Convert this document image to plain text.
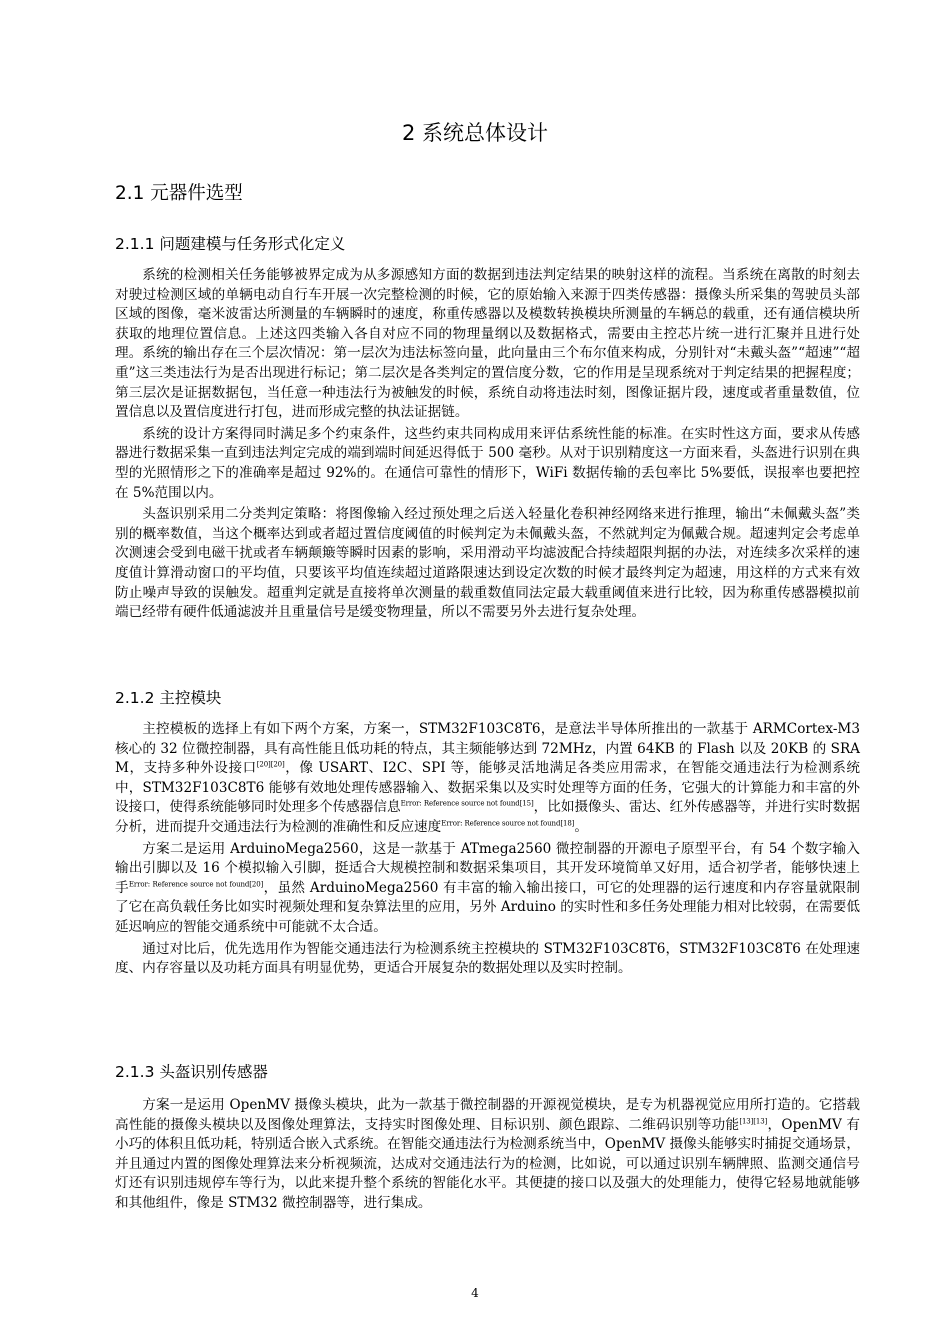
2 系统总体设计
2.1 元器件选型
2.1.1 问题建模与任务形式化定义

系统的检测相关任务能够被界定成为从多源感知方面的数据到违法判定结果的映射这样的流程。当系统在离散的时刻去对驶过检测区域的单辆电动自行车开展一次完整检测的时候，它的原始输入来源于四类传感器：摄像头所采集的驾驶员头部区域的图像，毫米波雷达所测量的车辆瞬时的速度，称重传感器以及模数转换模块所测量的车辆总的载重，还有通信模块所获取的地理位置信息。上述这四类输入各自对应不同的物理量纲以及数据格式，需要由主控芯片统一进行汇聚并且进行处理。系统的输出存在三个层次情况：第一层次为违法标签向量，此向量由三个布尔值来构成，分别针对“未戴头盔”“超速”“超重”这三类违法行为是否出现进行标记；第二层次是各类判定的置信度分数，它的作用是呈现系统对于判定结果的把握程度；第三层次是证据数据包，当任意一种违法行为被触发的时候，系统自动将违法时刻，图像证据片段，速度或者重量数值，位置信息以及置信度进行打包，进而形成完整的执法证据链。

系统的设计方案得同时满足多个约束条件，这些约束共同构成用来评估系统性能的标准。在实时性这方面，要求从传感器进行数据采集一直到违法判定完成的端到端时间延迟得低于 500 毫秒。从对于识别精度这一方面来看，头盔进行识别在典型的光照情形之下的准确率是超过 92%的。在通信可靠性的情形下，WiFi 数据传输的丢包率比 5%要低，误报率也要把控在 5%范围以内。

头盔识别采用二分类判定策略：将图像输入经过预处理之后送入轻量化卷积神经网络来进行推理，输出“未佩戴头盔”类别的概率数值，当这个概率达到或者超过置信度阈值的时候判定为未佩戴头盔，不然就判定为佩戴合规。超速判定会考虑单次测速会受到电磁干扰或者车辆颠簸等瞬时因素的影响，采用滑动平均滤波配合持续超限判据的办法，对连续多次采样的速度值计算滑动窗口的平均值，只要该平均值连续超过道路限速达到设定次数的时候才最终判定为超速，用这样的方式来有效防止噪声导致的误触发。超重判定就是直接将单次测量的载重数值同法定最大载重阈值来进行比较，因为称重传感器模拟前端已经带有硬件低通滤波并且重量信号是缓变物理量，所以不需要另外去进行复杂处理。

2.1.2 主控模块

主控模板的选择上有如下两个方案，方案一，STM32F103C8T6，是意法半导体所推出的一款基于 ARMCortex-M3 核心的 32 位微控制器，具有高性能且低功耗的特点，其主频能够达到 72MHz，内置 64KB 的 Flash 以及 20KB 的 SRAM，支持多种外设接口[20][20]，像 USART、I2C、SPI 等，能够灵活地满足各类应用需求，在智能交通违法行为检测系统中，STM32F103C8T6 能够有效地处理传感器输入、数据采集以及实时处理等方面的任务，它强大的计算能力和丰富的外设接口，使得系统能够同时处理多个传感器信息$^{Error: Reference source not found[15]}$，比如摄像头、雷达、红外传感器等，并进行实时数据分析，进而提升交通违法行为检测的准确性和反应速度$^{Error: Reference source not found[18]}$。

方案二是运用 ArduinoMega2560，这是一款基于 ATmega2560 微控制器的开源电子原型平台，有 54 个数字输入输出引脚以及 16 个模拟输入引脚，挺适合大规模控制和数据采集项目，其开发环境简单又好用，适合初学者，能够快速上手$^{Error: Reference source not found[20]}$，虽然 ArduinoMega2560 有丰富的输入输出接口，可它的处理器的运行速度和内存容量就限制了它在高负载任务比如实时视频处理和复杂算法里的应用，另外 Arduino 的实时性和多任务处理能力相对比较弱，在需要低延迟响应的智能交通系统中可能就不太合适。

通过对比后，优先选用作为智能交通违法行为检测系统主控模块的 STM32F103C8T6，STM32F103C8T6 在处理速度、内存容量以及功耗方面具有明显优势，更适合开展复杂的数据处理以及实时控制。

2.1.3 头盔识别传感器

方案一是运用 OpenMV 摄像头模块，此为一款基于微控制器的开源视觉模块，是专为机器视觉应用所打造的。它搭载高性能的摄像头模块以及图像处理算法，支持实时图像处理、目标识别、颜色跟踪、二维码识别等功能[13][13]，OpenMV 有小巧的体积且低功耗，特别适合嵌入式系统。在智能交通违法行为检测系统当中，OpenMV 摄像头能够实时捕捉交通场景，并且通过内置的图像处理算法来分析视频流，达成对交通违法行为的检测，比如说，可以通过识别车辆牌照、监测交通信号灯还有识别违规停车等行为，以此来提升整个系统的智能化水平。其便捷的接口以及强大的处理能力，使得它轻易地就能够和其他组件，像是 STM32 微控制器等，进行集成。

4
